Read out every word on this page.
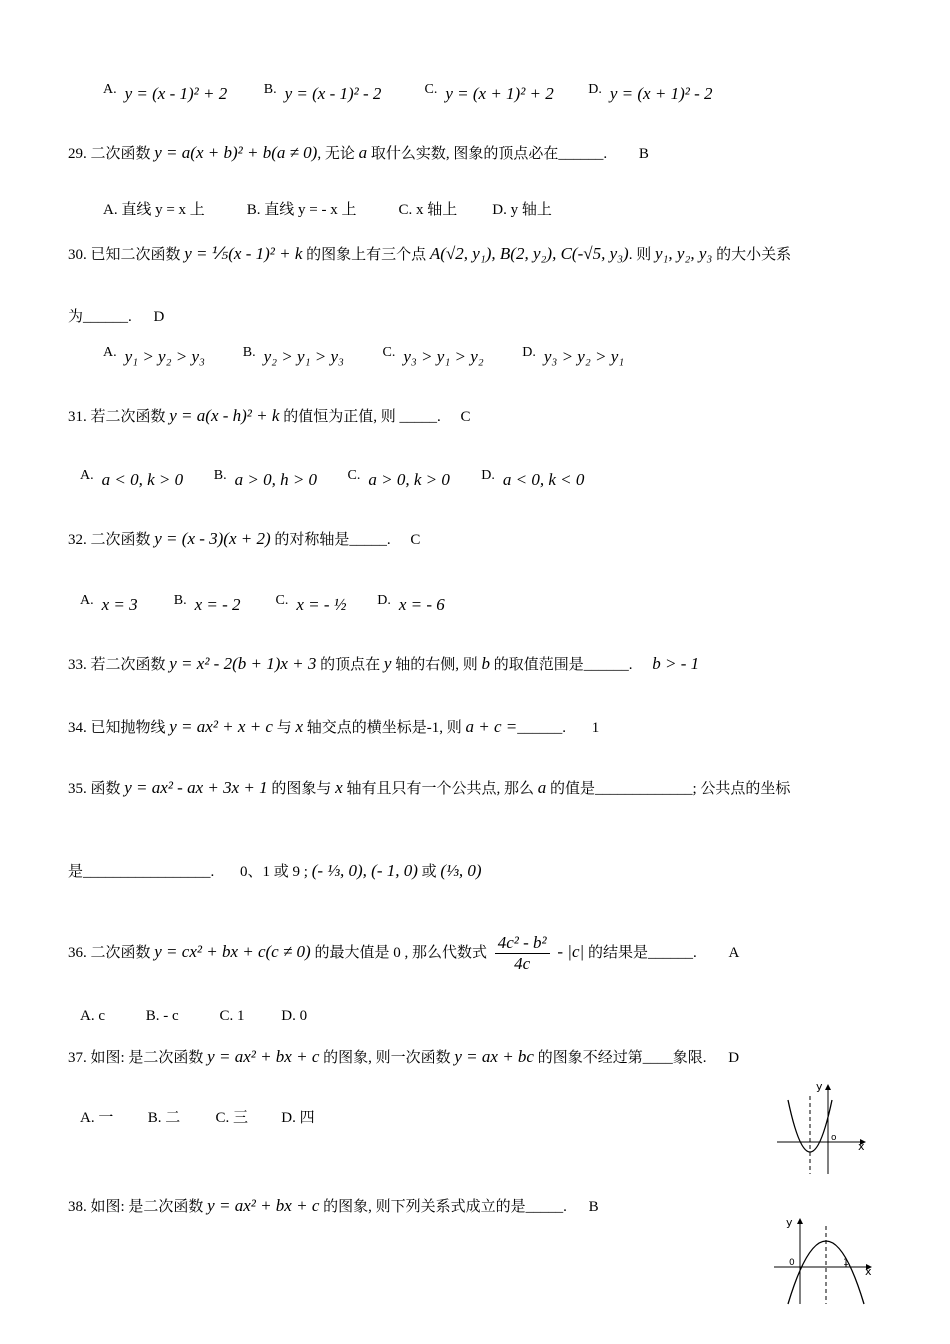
A. y = (x - 1)² + 2	B. y = (x - 1)² - 2	C. y = (x + 1)² + 2 D. y = (x + 1)² - 2
29. 二次函数 y = a(x + b)² + b(a ≠ 0), 无论 a 取什么实数, 图象的顶点必在______. B
A. 直线 y = x 上	B. 直线 y = - x 上	C. x 轴上 D. y 轴上
30. 已知二次函数 y = ⅕(x - 1)² + k 的图象上有三个点 A(√2, y₁), B(2, y₂), C(-√5, y₃). 则 y₁, y₂, y₃ 的大小关系
为______. D
A. y₁ > y₂ > y₃	B. y₂ > y₁ > y₃	C. y₃ > y₁ > y₂	D. y₃ > y₂ > y₁
31. 若二次函数 y = a(x - h)² + k 的值恒为正值, 则 _____. C
A. a < 0, k > 0 B. a > 0, h > 0 C. a > 0, k > 0 D. a < 0, k < 0
32. 二次函数 y = (x - 3)(x + 2) 的对称轴是_____. C
A. x = 3	B. x = - 2 C. x = - ½ D. x = - 6
33. 若二次函数 y = x² - 2(b + 1)x + 3 的顶点在 y 轴的右侧, 则 b 的取值范围是______. b > - 1
34. 已知抛物线 y = ax² + x + c 与 x 轴交点的横坐标是-1, 则 a + c =______. 1
35. 函数 y = ax² - ax + 3x + 1 的图象与 x 轴有且只有一个公共点, 那么 a 的值是_____________; 公共点的坐标
是_________________. 0、1 或 9 ; (- ⅓, 0), (- 1, 0) 或 (⅓, 0)
36. 二次函数 y = cx² + bx + c(c ≠ 0) 的最大值是 0 , 那么代数式 $\frac{\text{4c² - b²}}{4c} - |c|$ 的结果是______. A
A. c	B. - c	C. 1 D. 0
37. 如图: 是二次函数 y = ax² + bx + c 的图象, 则一次函数 y = ax + bc 的图象不经过第____象限. D
A. 一 B. 二 C. 三 D. 四
y
x
o
38. 如图: 是二次函数 y = ax² + bx + c 的图象, 则下列关系式成立的是_____. B
y
x
0	1
